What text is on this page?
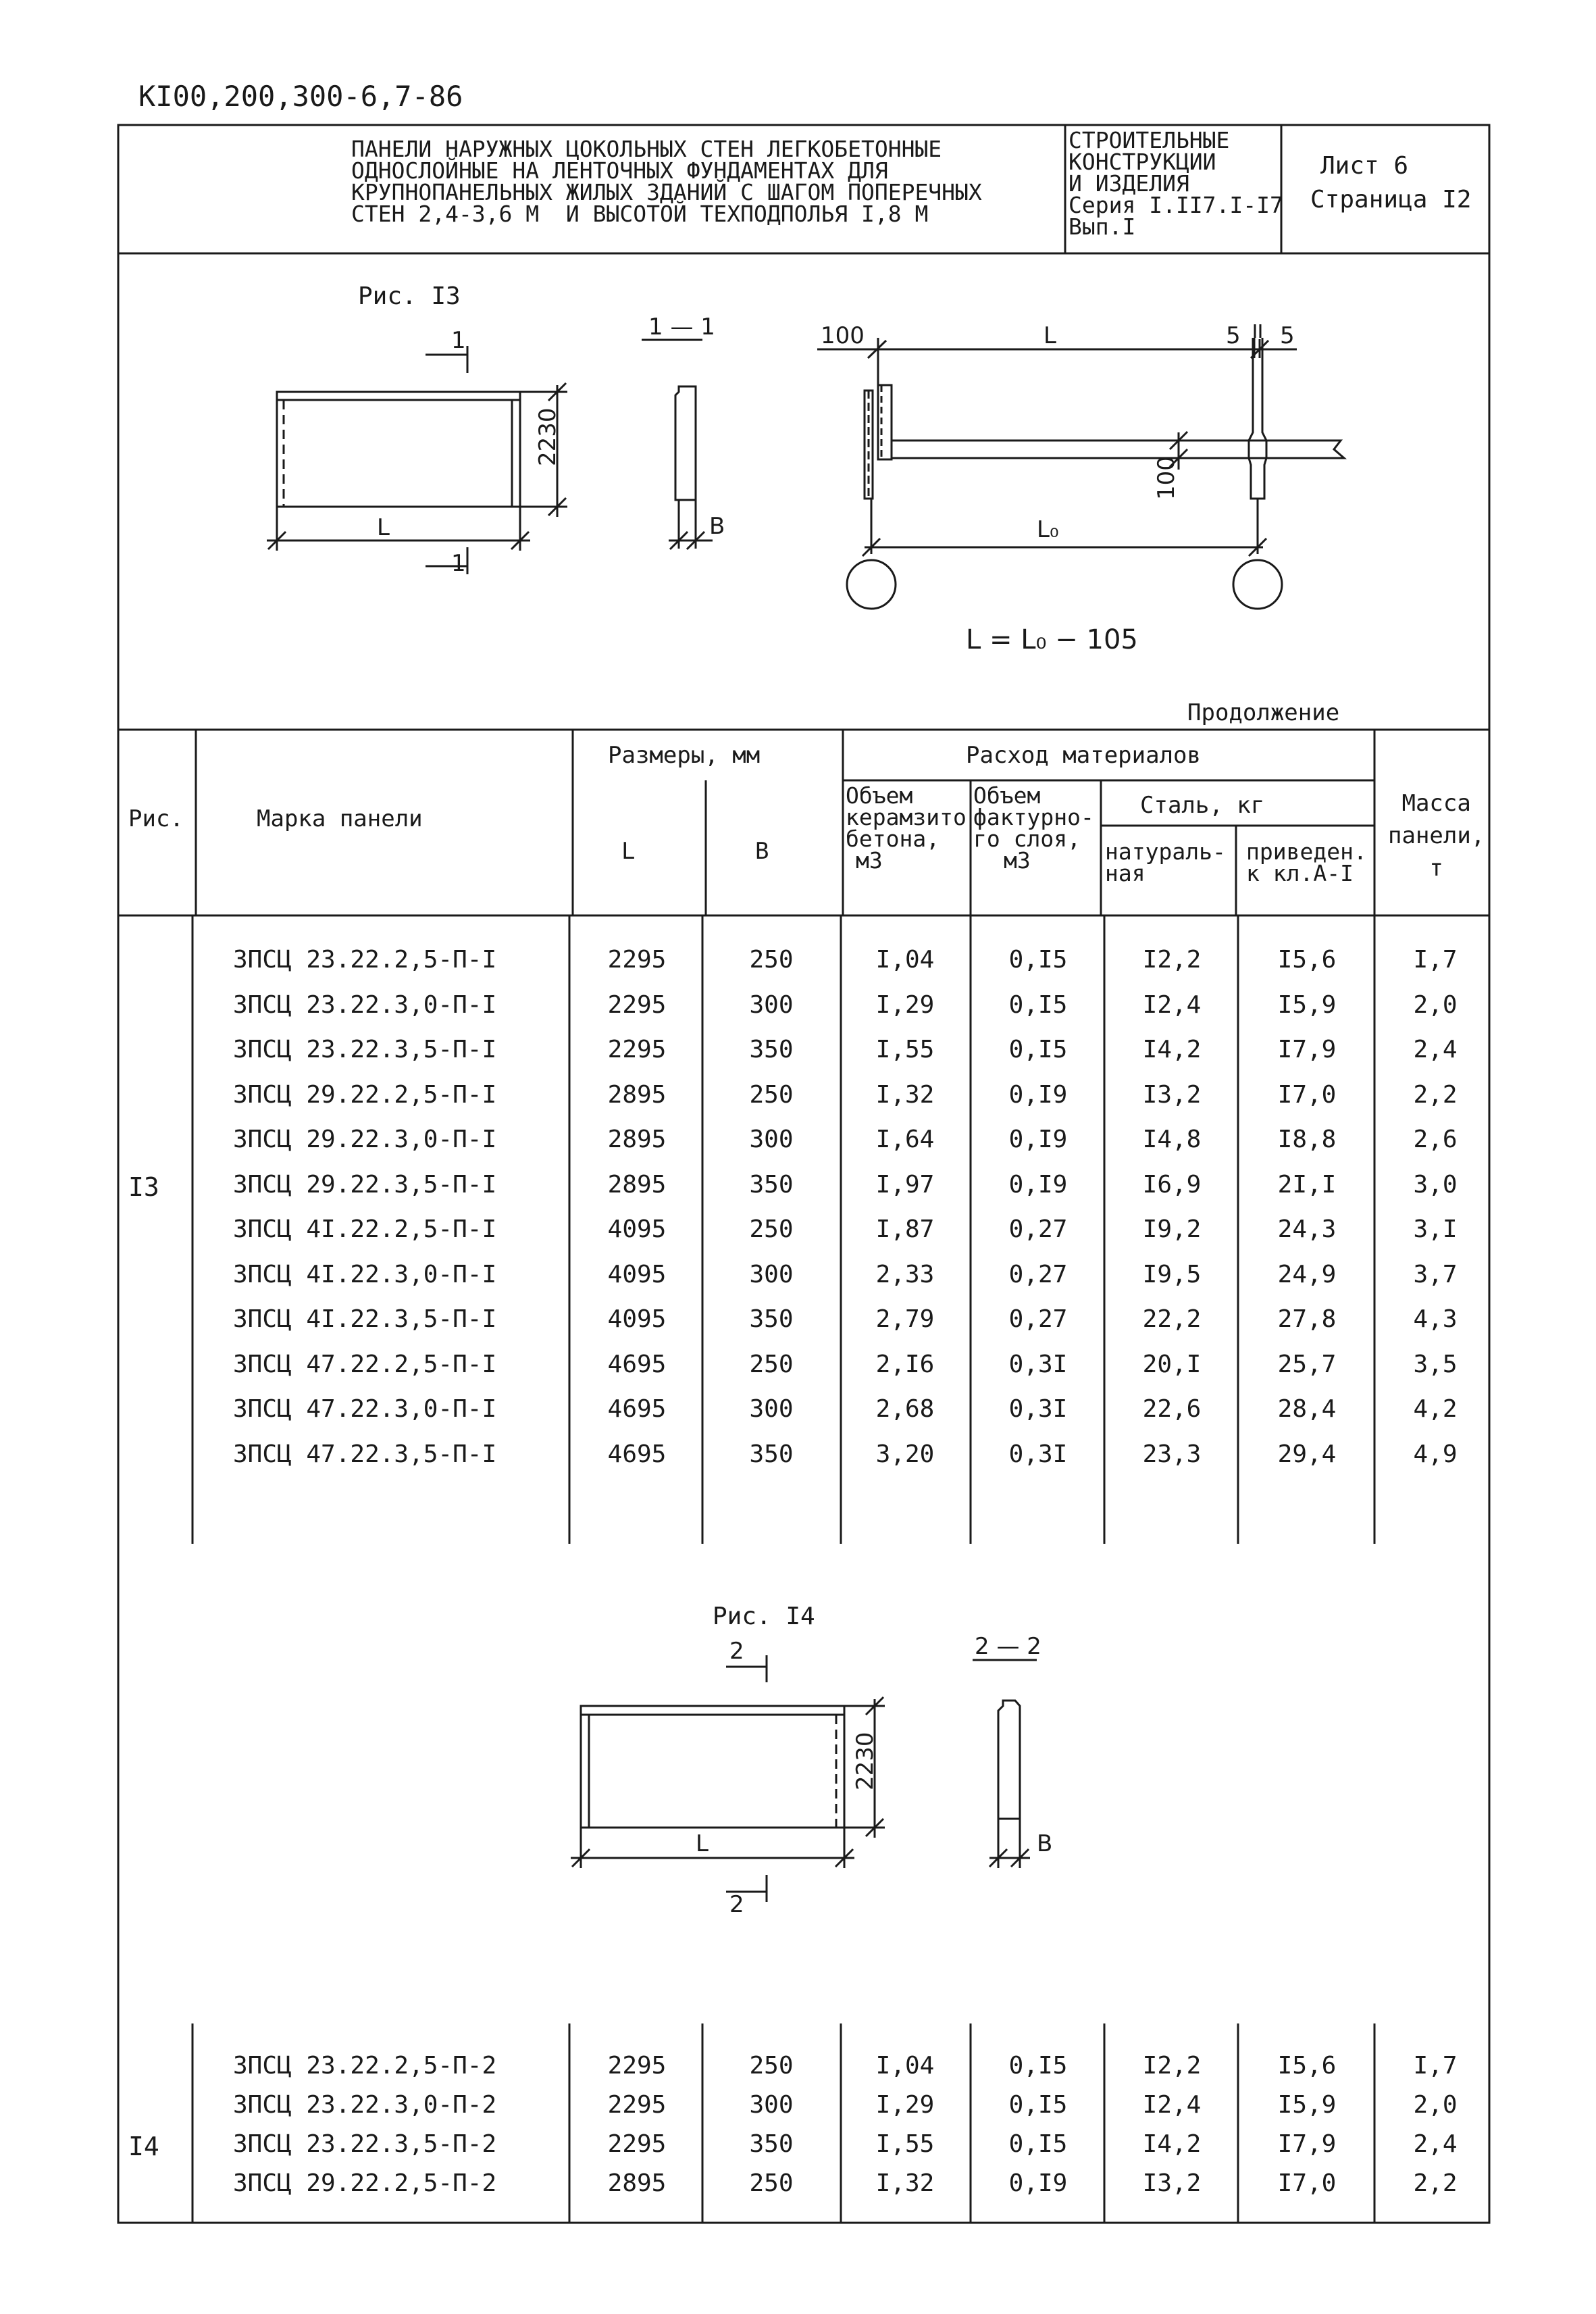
КI00,200,300-6,7-86
ПАНЕЛИ НАРУЖНЫХ ЦОКОЛЬНЫХ СТЕН ЛЕГКОБЕТОННЫЕ
ОДНОСЛОЙНЫЕ НА ЛЕНТОЧНЫХ ФУНДАМЕНТАХ ДЛЯ
КРУПНОПАНЕЛЬНЫХ ЖИЛЫХ ЗДАНИЙ С ШАГОМ ПОПЕРЕЧНЫХ
СТЕН 2,4-3,6 М  И ВЫСОТОЙ ТЕХПОДПОЛЬЯ I,8 М
СТРОИТЕЛЬНЫЕ
КОНСТРУКЦИИ
И ИЗДЕЛИЯ
Серия I.II7.I-I7
Вып.I
Лист 6
Страница I2
Рис. I3
1
1
L
2230
1 — 1
B
100	L	5 5
100
L₀
L = L₀ − 105
Продолжение
Рис.	Марка панели
Размеры, мм
L	B
Расход материалов
Объем
керамзито
бетона,
м3
Объем
фактурно-
го слоя,
м3
Сталь, кг
натураль-
ная
приведен.
к кл.А-I
Масса
панели,
т
I3
3ПСЦ 23.22.2,5-П-I	2295	250	I,04	0,I5	I2,2	I5,6	I,7
3ПСЦ 23.22.3,0-П-I	2295	300	I,29	0,I5	I2,4	I5,9	2,0
3ПСЦ 23.22.3,5-П-I	2295	350	I,55	0,I5	I4,2	I7,9	2,4
3ПСЦ 29.22.2,5-П-I	2895	250	I,32	0,I9	I3,2	I7,0	2,2
3ПСЦ 29.22.3,0-П-I	2895	300	I,64	0,I9	I4,8	I8,8	2,6
3ПСЦ 29.22.3,5-П-I	2895	350	I,97	0,I9	I6,9	2I,I	3,0
3ПСЦ 4I.22.2,5-П-I	4095	250	I,87	0,27	I9,2	24,3	3,I
3ПСЦ 4I.22.3,0-П-I	4095	300	2,33	0,27	I9,5	24,9	3,7
3ПСЦ 4I.22.3,5-П-I	4095	350	2,79	0,27	22,2	27,8	4,3
3ПСЦ 47.22.2,5-П-I	4695	250	2,I6	0,3I	20,I	25,7	3,5
3ПСЦ 47.22.3,0-П-I	4695	300	2,68	0,3I	22,6	28,4	4,2
3ПСЦ 47.22.3,5-П-I	4695	350	3,20	0,3I	23,3	29,4	4,9
Рис. I4
2
2
L
2230
2 — 2
B
I4
3ПСЦ 23.22.2,5-П-2	2295	250	I,04	0,I5	I2,2	I5,6	I,7
3ПСЦ 23.22.3,0-П-2	2295	300	I,29	0,I5	I2,4	I5,9	2,0
3ПСЦ 23.22.3,5-П-2	2295	350	I,55	0,I5	I4,2	I7,9	2,4
3ПСЦ 29.22.2,5-П-2	2895	250	I,32	0,I9	I3,2	I7,0	2,2
